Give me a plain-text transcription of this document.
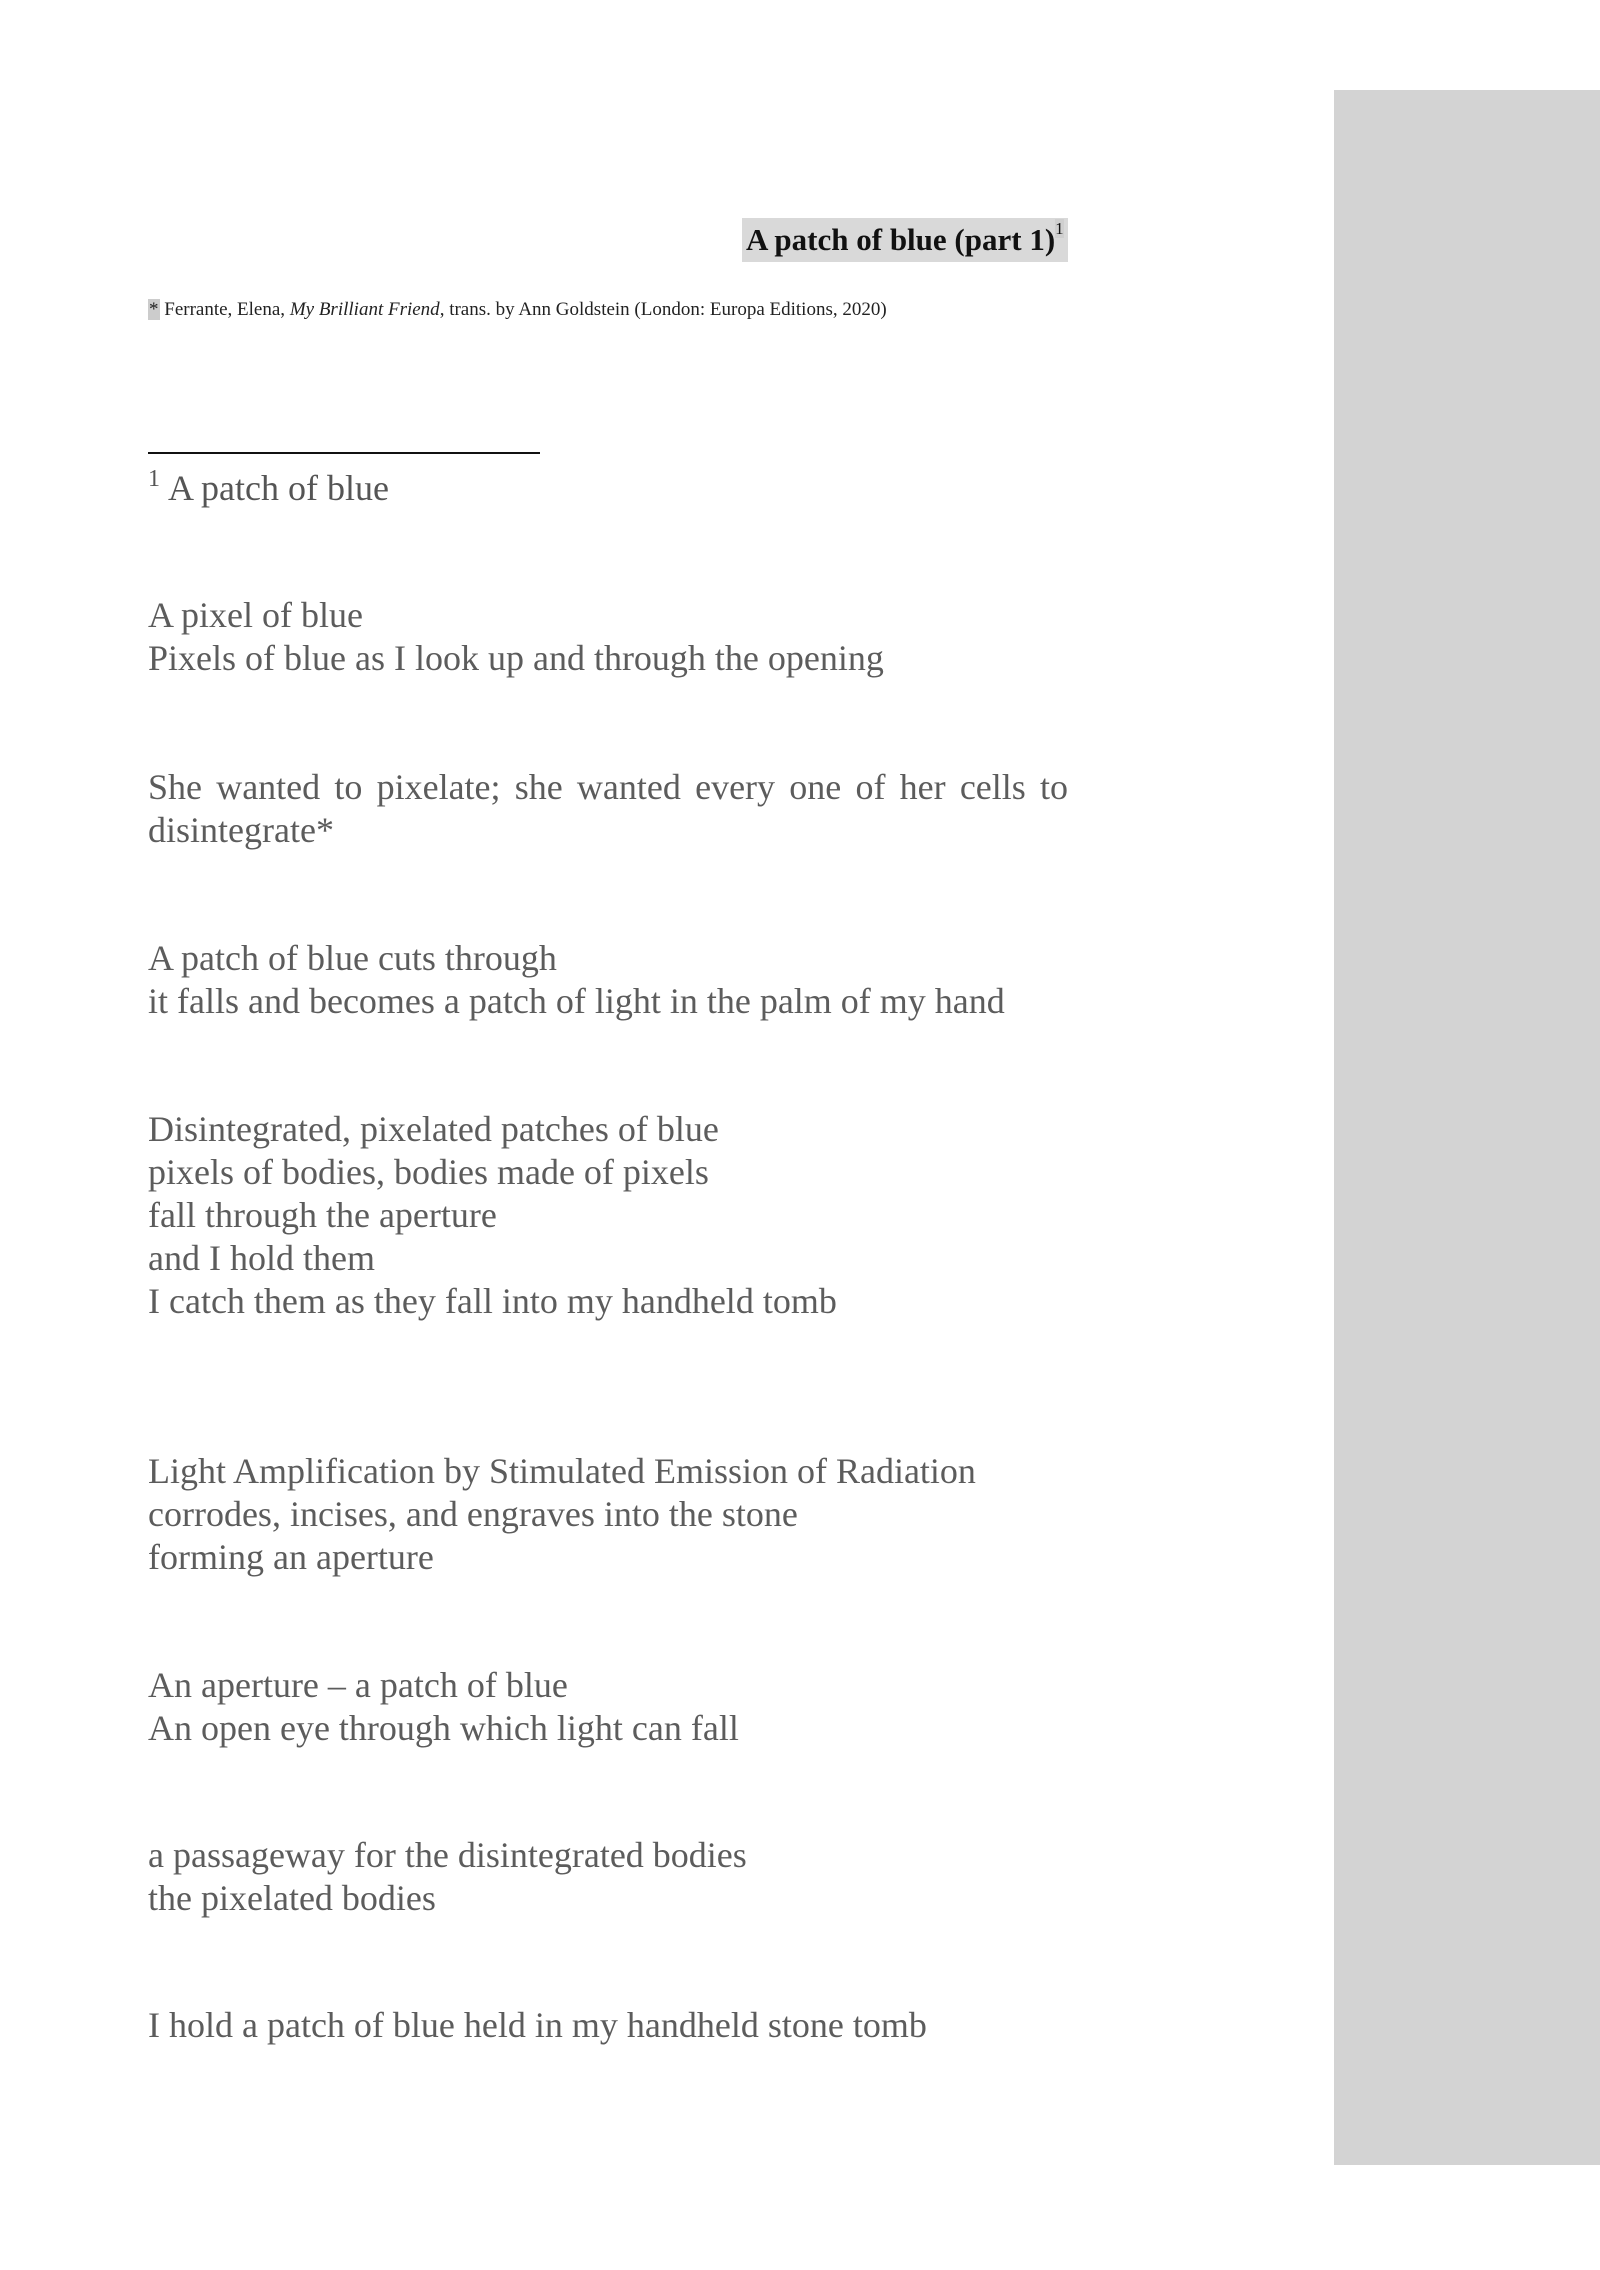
A patch of blue (part 1)$^1$
* Ferrante, Elena, My Brilliant Friend, trans. by Ann Goldstein (London: Europa Editions, 2020)
$^1$ A patch of blue
A pixel of blue
Pixels of blue as I look up and through the opening
She wanted to pixelate; she wanted every one of her cells to
disintegrate*
A patch of blue cuts through
it falls and becomes a patch of light in the palm of my hand
Disintegrated, pixelated patches of blue
pixels of bodies, bodies made of pixels
fall through the aperture
and I hold them
I catch them as they fall into my handheld tomb
Light Amplification by Stimulated Emission of Radiation
corrodes, incises, and engraves into the stone
forming an aperture
An aperture – a patch of blue
An open eye through which light can fall
a passageway for the disintegrated bodies
the pixelated bodies
I hold a patch of blue held in my handheld stone tomb
